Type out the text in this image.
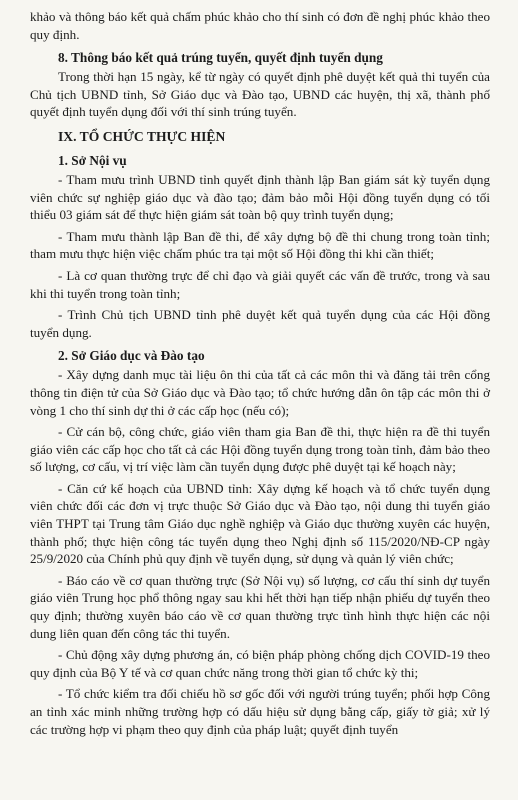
khảo và thông báo kết quả chấm phúc khảo cho thí sinh có đơn đề nghị phúc khảo theo quy định.

8. Thông báo kết quả trúng tuyển, quyết định tuyển dụng

Trong thời hạn 15 ngày, kể từ ngày có quyết định phê duyệt kết quả thi tuyển của Chủ tịch UBND tỉnh, Sở Giáo dục và Đào tạo, UBND các huyện, thị xã, thành phố quyết định tuyển dụng đối với thí sinh trúng tuyển.

IX. TỔ CHỨC THỰC HIỆN
1. Sở Nội vụ

- Tham mưu trình UBND tỉnh quyết định thành lập Ban giám sát kỳ tuyển dụng viên chức sự nghiệp giáo dục và đào tạo; đảm bảo mỗi Hội đồng tuyển dụng có tối thiểu 03 giám sát để thực hiện giám sát toàn bộ quy trình tuyển dụng;

- Tham mưu thành lập Ban đề thi, để xây dựng bộ đề thi chung trong toàn tỉnh; tham mưu thực hiện việc chấm phúc tra tại một số Hội đồng thi khi cần thiết;

- Là cơ quan thường trực để chỉ đạo và giải quyết các vấn đề trước, trong và sau khi thi tuyển trong toàn tỉnh;

- Trình Chủ tịch UBND tỉnh phê duyệt kết quả tuyển dụng của các Hội đồng tuyển dụng.

2. Sở Giáo dục và Đào tạo

- Xây dựng danh mục tài liệu ôn thi của tất cả các môn thi và đăng tải trên cổng thông tin điện tử của Sở Giáo dục và Đào tạo; tổ chức hướng dẫn ôn tập các môn thi ở vòng 1 cho thí sinh dự thi ở các cấp học (nếu có);

- Cử cán bộ, công chức, giáo viên tham gia Ban đề thi, thực hiện ra đề thi tuyển giáo viên các cấp học cho tất cả các Hội đồng tuyển dụng trong toàn tỉnh, đảm bảo theo số lượng, cơ cấu, vị trí việc làm cần tuyển dụng được phê duyệt tại kế hoạch này;

- Căn cứ kế hoạch của UBND tỉnh: Xây dựng kế hoạch và tổ chức tuyển dụng viên chức đối các đơn vị trực thuộc Sở Giáo dục và Đào tạo, nội dung thi tuyển giáo viên THPT tại Trung tâm Giáo dục nghề nghiệp và Giáo dục thường xuyên các huyện, thành phố; thực hiện công tác tuyển dụng theo Nghị định số 115/2020/NĐ-CP ngày 25/9/2020 của Chính phủ quy định về tuyển dụng, sử dụng và quản lý viên chức;

- Báo cáo về cơ quan thường trực (Sở Nội vụ) số lượng, cơ cấu thí sinh dự tuyển giáo viên Trung học phổ thông ngay sau khi hết thời hạn tiếp nhận phiếu dự tuyển theo quy định; thường xuyên báo cáo về cơ quan thường trực tình hình thực hiện các nội dung liên quan đến công tác thi tuyển.

- Chủ động xây dựng phương án, có biện pháp phòng chống dịch COVID-19 theo quy định của Bộ Y tế và cơ quan chức năng trong thời gian tổ chức kỳ thi;

- Tổ chức kiểm tra đối chiếu hồ sơ gốc đối với người trúng tuyển; phối hợp Công an tỉnh xác minh những trường hợp có dấu hiệu sử dụng bằng cấp, giấy tờ giả; xử lý các trường hợp vi phạm theo quy định của pháp luật; quyết định tuyển
